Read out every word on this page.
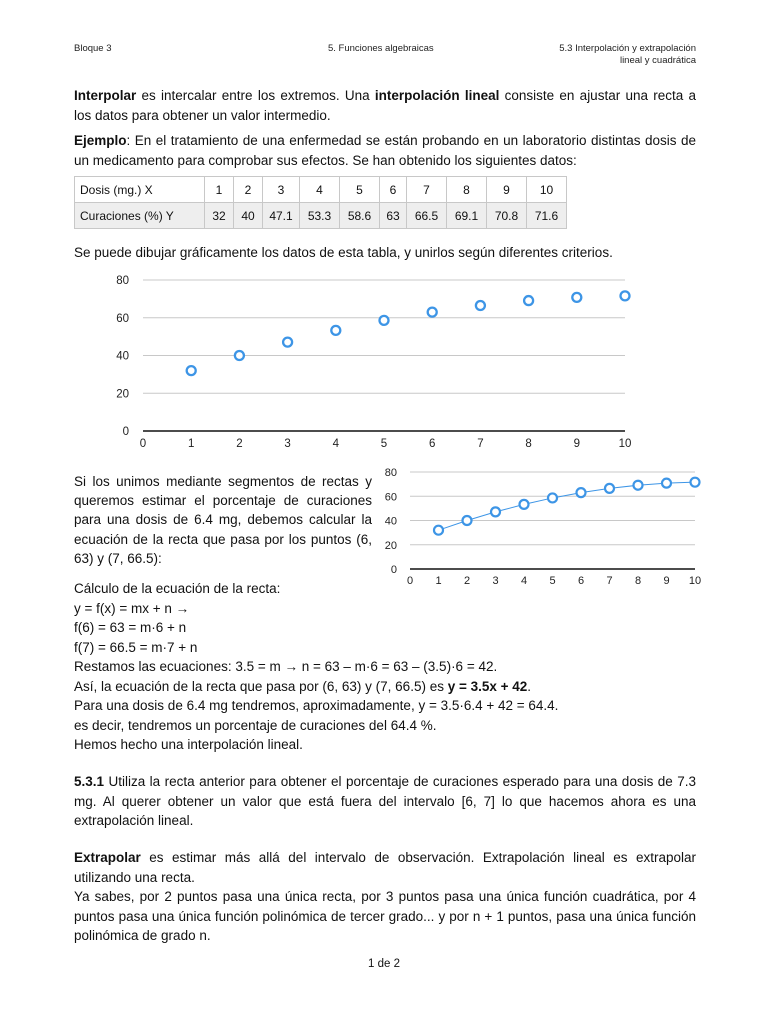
Bloque 3	5. Funciones algebraicas	5.3 Interpolación y extrapolación
lineal y cuadrática

Interpolar es intercalar entre los extremos. Una interpolación lineal consiste en ajustar una recta a los datos para obtener un valor intermedio.

Ejemplo: En el tratamiento de una enfermedad se están probando en un laboratorio distintas dosis de un medicamento para comprobar sus efectos. Se han obtenido los siguientes datos:

Dosis (mg.) X	1	2	3	4	5	6	7	8	9	10
Curaciones (%) Y	32	40	47.1	53.3	58.6	63	66.5	69.1	70.8	71.6

Se puede dibujar gráficamente los datos de esta tabla, y unirlos según diferentes criterios.

0
20
40
60
80
0	1	2	3	4	5	6	7	8	9	10

Si los unimos mediante segmentos de rectas y queremos estimar el porcentaje de curaciones para una dosis de 6.4 mg, debemos calcular la ecuación de la recta que pasa por los puntos (6, 63) y (7, 66.5):

0
20
40
60
80
0 1 2 3 4 5 6 7 8 9 10
Cálculo de la ecuación de la recta:
y = f(x) = mx + n →
f(6) = 63 = m·6 + n
f(7) = 66.5 = m·7 + n
Restamos las ecuaciones: 3.5 = m → n = 63 – m·6 = 63 – (3.5)·6 = 42.
Así, la ecuación de la recta que pasa por (6, 63) y (7, 66.5) es y = 3.5x + 42.
Para una dosis de 6.4 mg tendremos, aproximadamente, y = 3.5·6.4 + 42 = 64.4.
es decir, tendremos un porcentaje de curaciones del 64.4 %.
Hemos hecho una interpolación lineal.

5.3.1 Utiliza la recta anterior para obtener el porcentaje de curaciones esperado para una dosis de 7.3 mg. Al querer obtener un valor que está fuera del intervalo [6, 7] lo que hacemos ahora es una extrapolación lineal.

Extrapolar es estimar más allá del intervalo de observación. Extrapolación lineal es extrapolar utilizando una recta.
Ya sabes, por 2 puntos pasa una única recta, por 3 puntos pasa una única función cuadrática, por 4 puntos pasa una única función polinómica de tercer grado... y por n + 1 puntos, pasa una única función polinómica de grado n.

1 de 2
